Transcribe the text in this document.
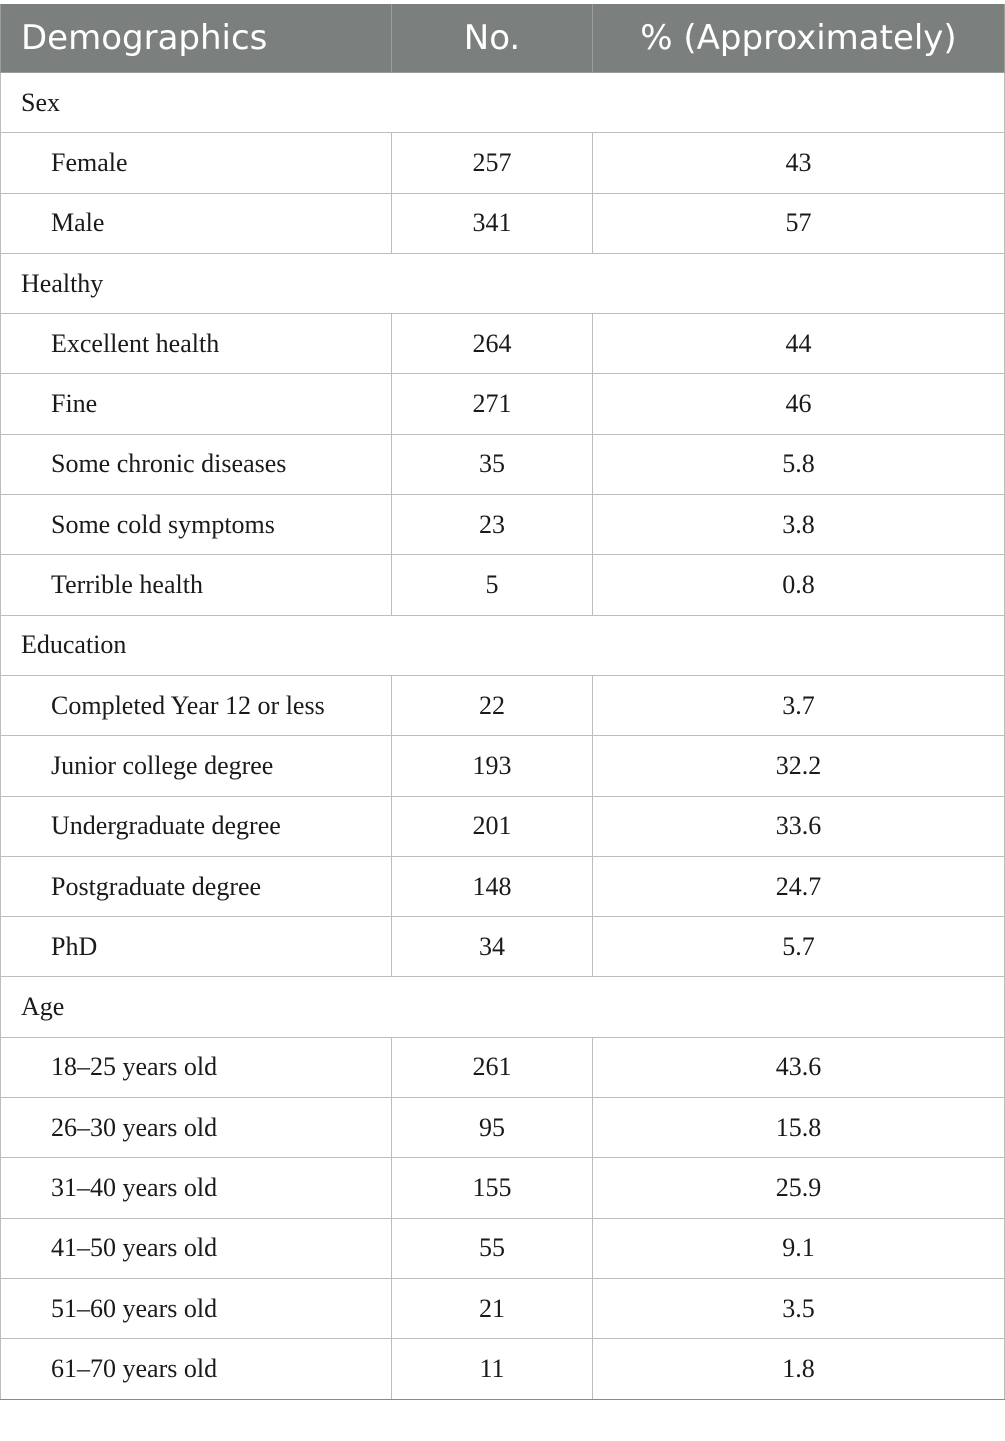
Demographics	No.	% (Approximately)
Sex		
Female	257	43
Male	341	57
Healthy		
Excellent health	264	44
Fine	271	46
Some chronic diseases	35	5.8
Some cold symptoms	23	3.8
Terrible health	5	0.8
Education		
Completed Year 12 or less	22	3.7
Junior college degree	193	32.2
Undergraduate degree	201	33.6
Postgraduate degree	148	24.7
PhD	34	5.7
Age		
18–25 years old	261	43.6
26–30 years old	95	15.8
31–40 years old	155	25.9
41–50 years old	55	9.1
51–60 years old	21	3.5
61–70 years old	11	1.8
